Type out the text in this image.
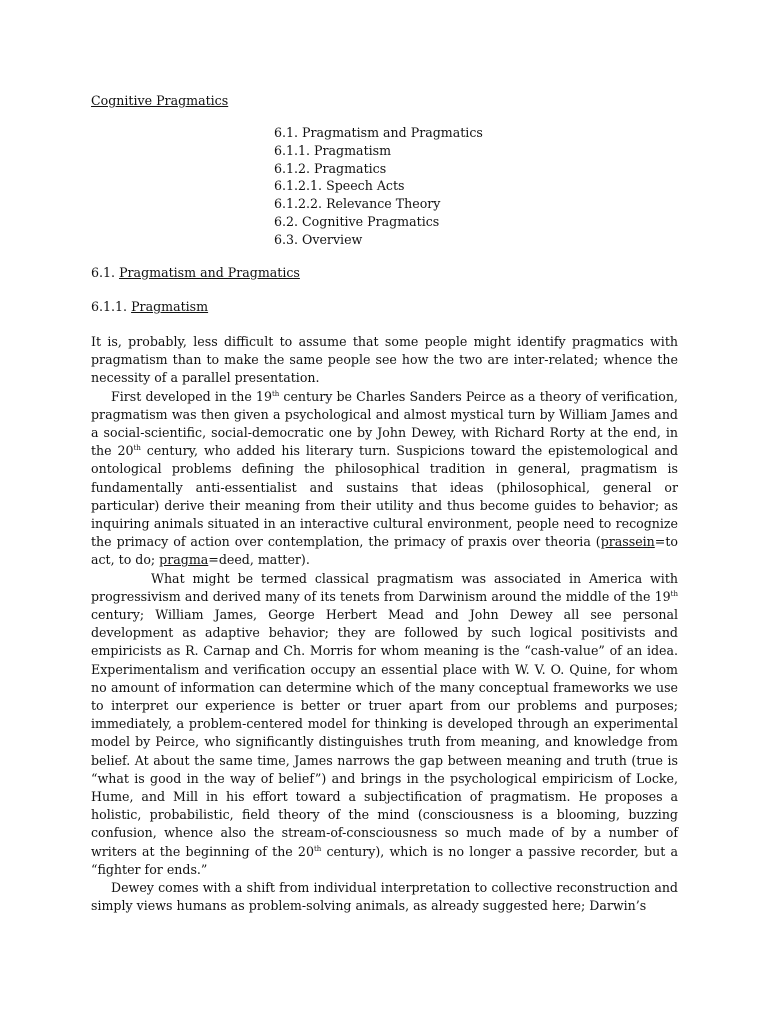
Cognitive Pragmatics

6.1. Pragmatism and Pragmatics
6.1.1. Pragmatism
6.1.2. Pragmatics
6.1.2.1. Speech Acts
6.1.2.2. Relevance Theory
6.2. Cognitive Pragmatics
6.3. Overview

6.1. Pragmatism and Pragmatics

6.1.1. Pragmatism

It is, probably, less difficult to assume that some people might identify pragmatics with pragmatism than to make the same people see how the two are inter-related; whence the necessity of a parallel presentation.

First developed in the 19th century be Charles Sanders Peirce as a theory of verification, pragmatism was then given a psychological and almost mystical turn by William James and a social-scientific, social-democratic one by John Dewey, with Richard Rorty at the end, in the 20th century, who added his literary turn. Suspicions toward the epistemological and ontological problems defining the philosophical tradition in general, pragmatism is fundamentally anti-essentialist and sustains that ideas (philosophical, general or particular) derive their meaning from their utility and thus become guides to behavior; as inquiring animals situated in an interactive cultural environment, people need to recognize the primacy of action over contemplation, the primacy of praxis over theoria (prassein=to act, to do; pragma=deed, matter).

What might be termed classical pragmatism was associated in America with progressivism and derived many of its tenets from Darwinism around the middle of the 19th century; William James, George Herbert Mead and John Dewey all see personal development as adaptive behavior; they are followed by such logical positivists and empiricists as R. Carnap and Ch. Morris for whom meaning is the “cash-value” of an idea. Experimentalism and verification occupy an essential place with W. V. O. Quine, for whom no amount of information can determine which of the many conceptual frameworks we use to interpret our experience is better or truer apart from our problems and purposes; immediately, a problem-centered model for thinking is developed through an experimental model by Peirce, who significantly distinguishes truth from meaning, and knowledge from belief. At about the same time, James narrows the gap between meaning and truth (true is “what is good in the way of belief”) and brings in the psychological empiricism of Locke, Hume, and Mill in his effort toward a subjectification of pragmatism. He proposes a holistic, probabilistic, field theory of the mind (consciousness is a blooming, buzzing confusion, whence also the stream-of-consciousness so much made of by a number of writers at the beginning of the 20th century), which is no longer a passive recorder, but a “fighter for ends.”

Dewey comes with a shift from individual interpretation to collective reconstruction and simply views humans as problem-solving animals, as already suggested here; Darwin’s
